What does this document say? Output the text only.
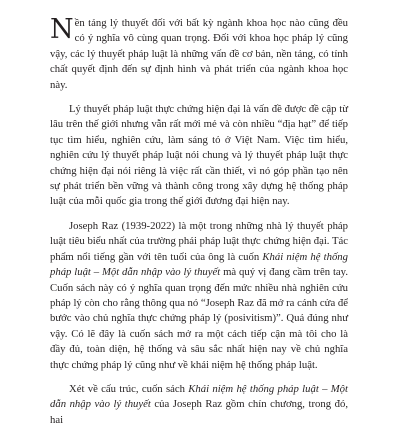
Nền tảng lý thuyết đối với bất kỳ ngành khoa học nào cũng đều có ý nghĩa vô cùng quan trọng. Đối với khoa học pháp lý cũng vậy, các lý thuyết pháp luật là những vấn đề cơ bản, nền tảng, có tính chất quyết định đến sự định hình và phát triển của ngành khoa học này.

Lý thuyết pháp luật thực chứng hiện đại là vấn đề được đề cập từ lâu trên thế giới nhưng vẫn rất mới mẻ và còn nhiều “địa hạt” để tiếp tục tìm hiểu, nghiên cứu, làm sáng tỏ ở Việt Nam. Việc tìm hiểu, nghiên cứu lý thuyết pháp luật nói chung và lý thuyết pháp luật thực chứng hiện đại nói riêng là việc rất cần thiết, vì nó góp phần tạo nên sự phát triển bền vững và thành công trong xây dựng hệ thống pháp luật của mỗi quốc gia trong thế giới đương đại hiện nay.

Joseph Raz (1939-2022) là một trong những nhà lý thuyết pháp luật tiêu biểu nhất của trường phái pháp luật thực chứng hiện đại. Tác phẩm nổi tiếng gần với tên tuổi của ông là cuốn Khái niệm hệ thống pháp luật – Một dẫn nhập vào lý thuyết mà quý vị đang cầm trên tay. Cuốn sách này có ý nghĩa quan trọng đến mức nhiều nhà nghiên cứu pháp lý còn cho rằng thông qua nó “Joseph Raz đã mở ra cánh cửa để bước vào chủ nghĩa thực chứng pháp lý (posivitism)”. Quả đúng như vậy. Có lẽ đây là cuốn sách mở ra một cách tiếp cận mà tôi cho là đầy đủ, toàn diện, hệ thống và sâu sắc nhất hiện nay về chủ nghĩa thực chứng pháp lý cũng như về khái niệm hệ thống pháp luật.

Xét về cấu trúc, cuốn sách Khái niệm hệ thống pháp luật – Một dẫn nhập vào lý thuyết của Joseph Raz gồm chín chương, trong đó, hai
